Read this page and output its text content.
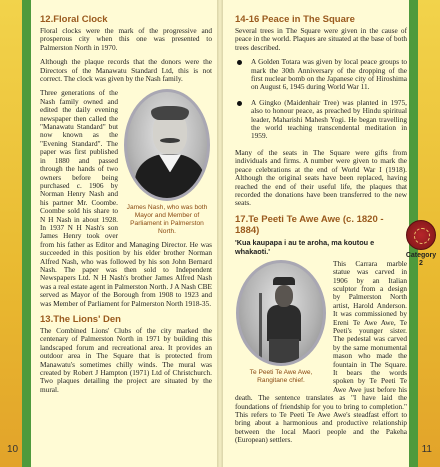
12.Floral Clock

Floral clocks were the mark of the progressive and prosperous city when this one was presented to Palmerston North in 1970.

Although the plaque records that the donors were the Directors of the Manawatu Standard Ltd, this is not correct. The clock was given by the Nash family.

James Nash, who was both Mayor and Member of Parliament in Palmerston North.

Three generations of the Nash family owned and edited the daily evening newspaper then called the "Manawatu Standard" but now known as the "Evening Standard". The paper was first published in 1880 and passed through the hands of two owners before being purchased c. 1906 by Norman Henry Nash and his partner Mr. Coombe. Coombe sold his share to N H Nash in about 1928. In 1937 N H Nash's son James Henry took over from his father as Editor and Managing Director. He was succeeded in this position by his elder brother Norman Alfred Nash, who was followed by his son John Bernard Nash. The paper was then sold to Independent Newspapers Ltd. N H Nash's brother James Alfred Nash was a real estate agent in Palmerston North. J A Nash CBE served as Mayor of the Borough from 1908 to 1923 and was Member of Parliament for Palmerston North 1918-35.

13.The Lions' Den

The Combined Lions' Clubs of the city marked the centenary of Palmerston North in 1971 by building this landscaped forum and recreational area. It provides an outdoor area in The Square that is protected from Manawatu's sometimes chilly winds. The mural was created by Robert J Hampton (1971) Ltd of Christchurch. Two plaques detailing the project are situated by the mural.

10
14-16 Peace in The Square

Several trees in The Square were given in the cause of peace in the world. Plaques are situated at the base of both trees described.

A Golden Totara was given by local peace groups to mark the 30th Anniversary of the dropping of the first nuclear bomb on the Japanese city of Hiroshima on August 6, 1945 during World War 11.
A Gingko (Maidenhair Tree) was planted in 1975, also to honour peace, as preached by Hindu spiritual leader, Maharishi Mahesh Yogi. He began travelling the world teaching transcendental meditation in 1959.

Many of the seats in The Square were gifts from individuals and firms. A number were given to mark the peace celebrations at the end of World War I (1918). Although the original seats have been replaced, having reached the end of their useful life, the plaques that recorded the donations have been transferred to the new seats.

17.Te Peeti Te Awe Awe (c. 1820 - 1884)
'Kua kaupapa i au te aroha, ma koutou e whakaoti.'
Te Peeti Te Awe Awe, Rangitane chief.

This Carrara marble statue was carved in 1906 by an Italian sculptor from a design by Palmerston North artist, Harold Anderson. It was commissioned by Ereni Te Awe Awe, Te Peeti's younger sister. The pedestal was carved by the same monumental mason who made the fountain in The Square. It bears the words spoken by Te Peeti Te Awe Awe just before his death. The sentence translates as "I have laid the foundations of friendship for you to bring to completion." This refers to Te Peeti Te Awe Awe's steadfast effort to bring about a harmonious and productive relationship between the local Maori people and the Pakeha (European) settlers.

11
Category 2
